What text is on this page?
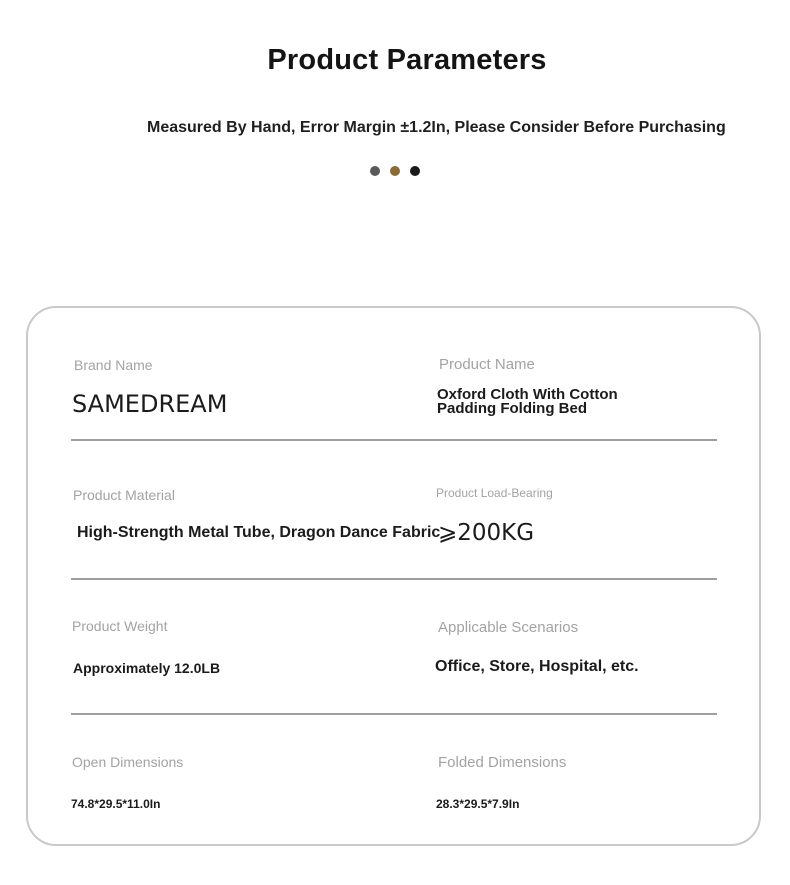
Product Parameters
Measured By Hand, Error Margin ±1.2In, Please Consider Before Purchasing
Brand Name
SAMEDREAM
Product Name
Oxford Cloth With Cotton
Padding Folding Bed
Product Material
High-Strength Metal Tube, Dragon Dance Fabric
Product Load-Bearing
⩾200KG
Product Weight
Approximately 12.0LB
Applicable Scenarios
Office, Store, Hospital, etc.
Open Dimensions
74.8*29.5*11.0In
Folded Dimensions
28.3*29.5*7.9In
